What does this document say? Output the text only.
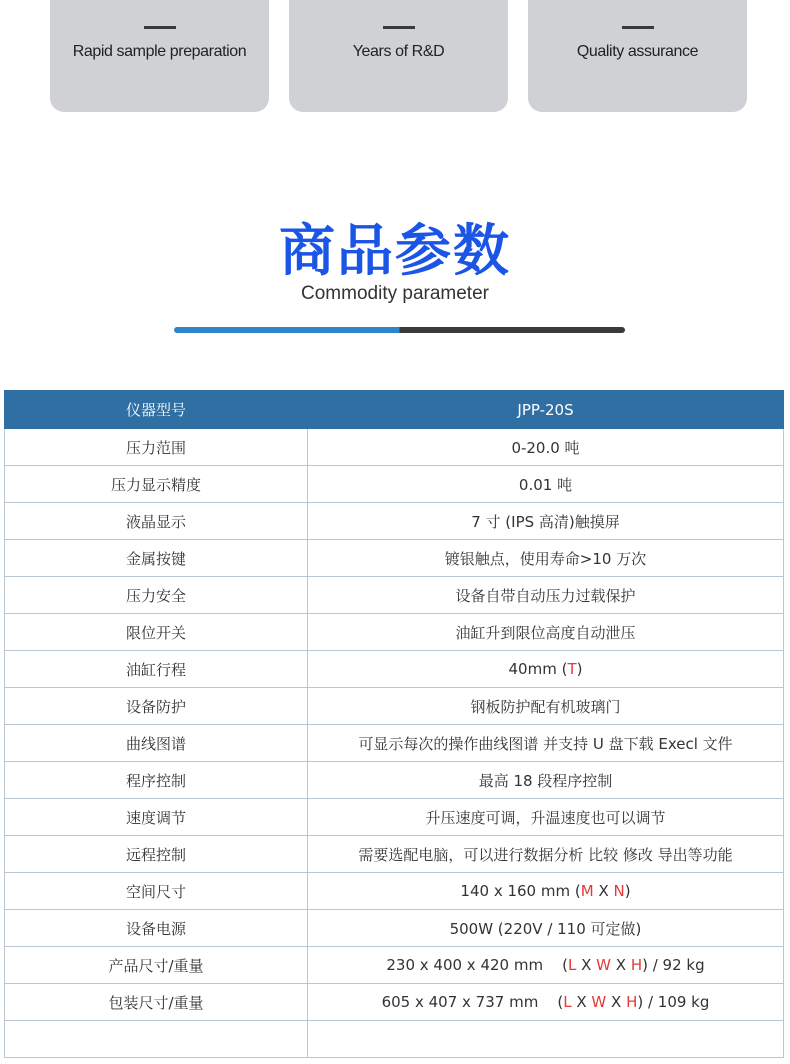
Rapid sample preparation	Years of R&D	Quality assurance
商品参数
Commodity parameter
仪器型号	JPP-20S
压力范围	0-20.0 吨
压力显示精度	0.01 吨
液晶显示	7 寸 (IPS 高清)触摸屏
金属按键	镀银触点，使用寿命>10 万次
压力安全	设备自带自动压力过载保护
限位开关	油缸升到限位高度自动泄压
油缸行程	40mm (T)
设备防护	钢板防护配有机玻璃门
曲线图谱	可显示每次的操作曲线图谱 并支持 U 盘下载 Execl 文件
程序控制	最高 18 段程序控制
速度调节	升压速度可调，升温速度也可以调节
远程控制	需要选配电脑，可以进行数据分析 比较 修改 导出等功能
空间尺寸	140 x 160 mm (M X N)
设备电源	500W (220V / 110 可定做)
产品尺寸/重量	230 x 400 x 420 mm    (L X W X H) / 92 kg
包装尺寸/重量	605 x 407 x 737 mm    (L X W X H) / 109 kg
